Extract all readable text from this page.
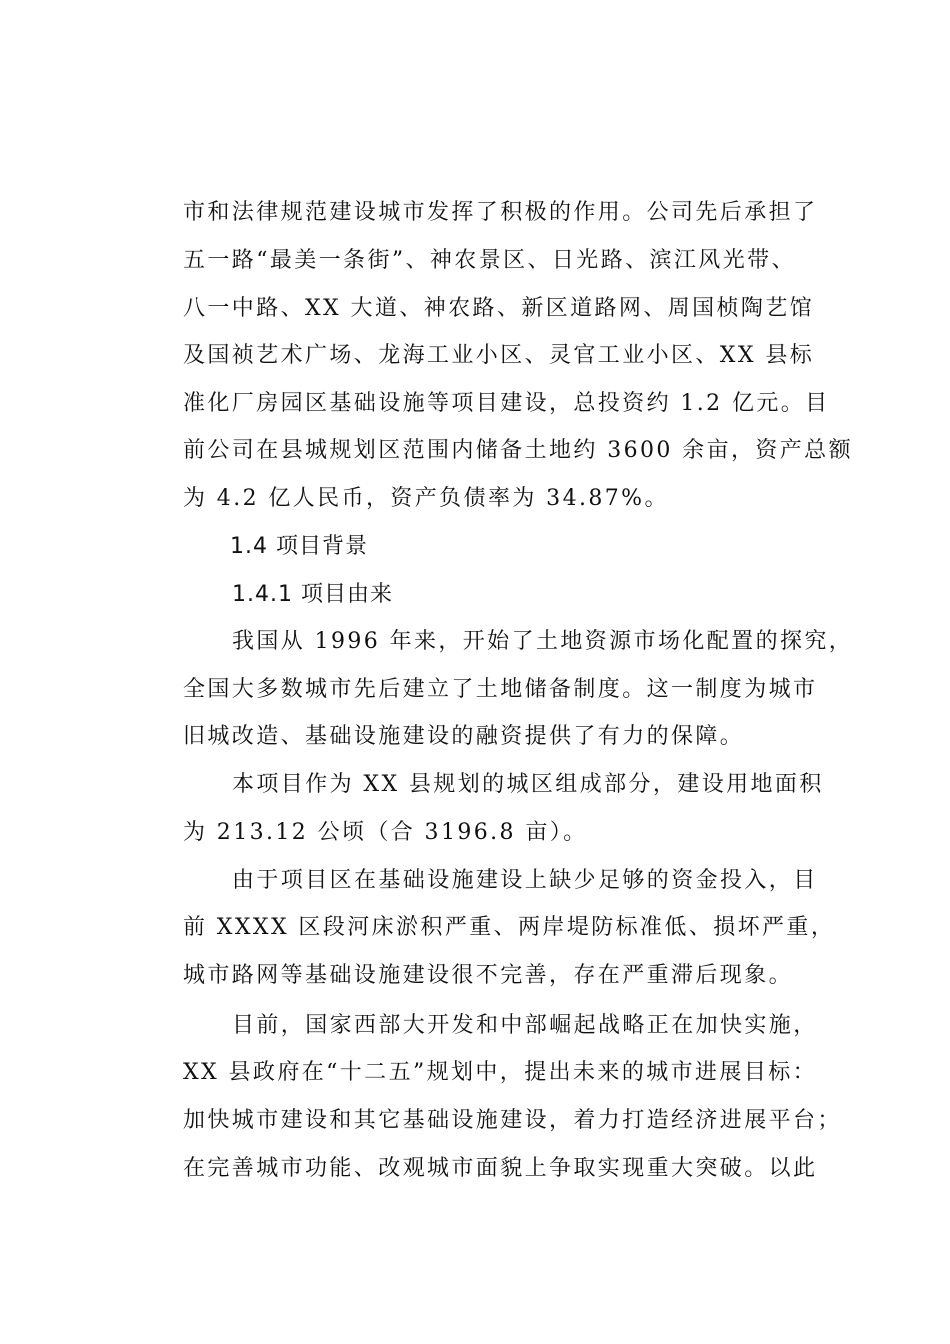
市和法律规范建设城市发挥了积极的作用。公司先后承担了
五一路“最美一条街”、神农景区、日光路、滨江风光带、
八一中路、XX 大道、神农路、新区道路网、周国桢陶艺馆
及国祯艺术广场、龙海工业小区、灵官工业小区、XX 县标
准化厂房园区基础设施等项目建设，总投资约 1.2 亿元。目
前公司在县城规划区范围内储备土地约 3600 余亩，资产总额
为 4.2 亿人民币，资产负债率为 34.87%。
1.4 项目背景
1.4.1 项目由来
我国从 1996 年来，开始了土地资源市场化配置的探究，
全国大多数城市先后建立了土地储备制度。这一制度为城市
旧城改造、基础设施建设的融资提供了有力的保障。
本项目作为 XX 县规划的城区组成部分，建设用地面积
为 213.12 公顷（合 3196.8 亩）。
由于项目区在基础设施建设上缺少足够的资金投入，目
前 XXXX 区段河床淤积严重、两岸堤防标准低、损坏严重，
城市路网等基础设施建设很不完善，存在严重滞后现象。
目前，国家西部大开发和中部崛起战略正在加快实施，
XX 县政府在“十二五”规划中，提出未来的城市进展目标：
加快城市建设和其它基础设施建设，着力打造经济进展平台；
在完善城市功能、改观城市面貌上争取实现重大突破。以此
